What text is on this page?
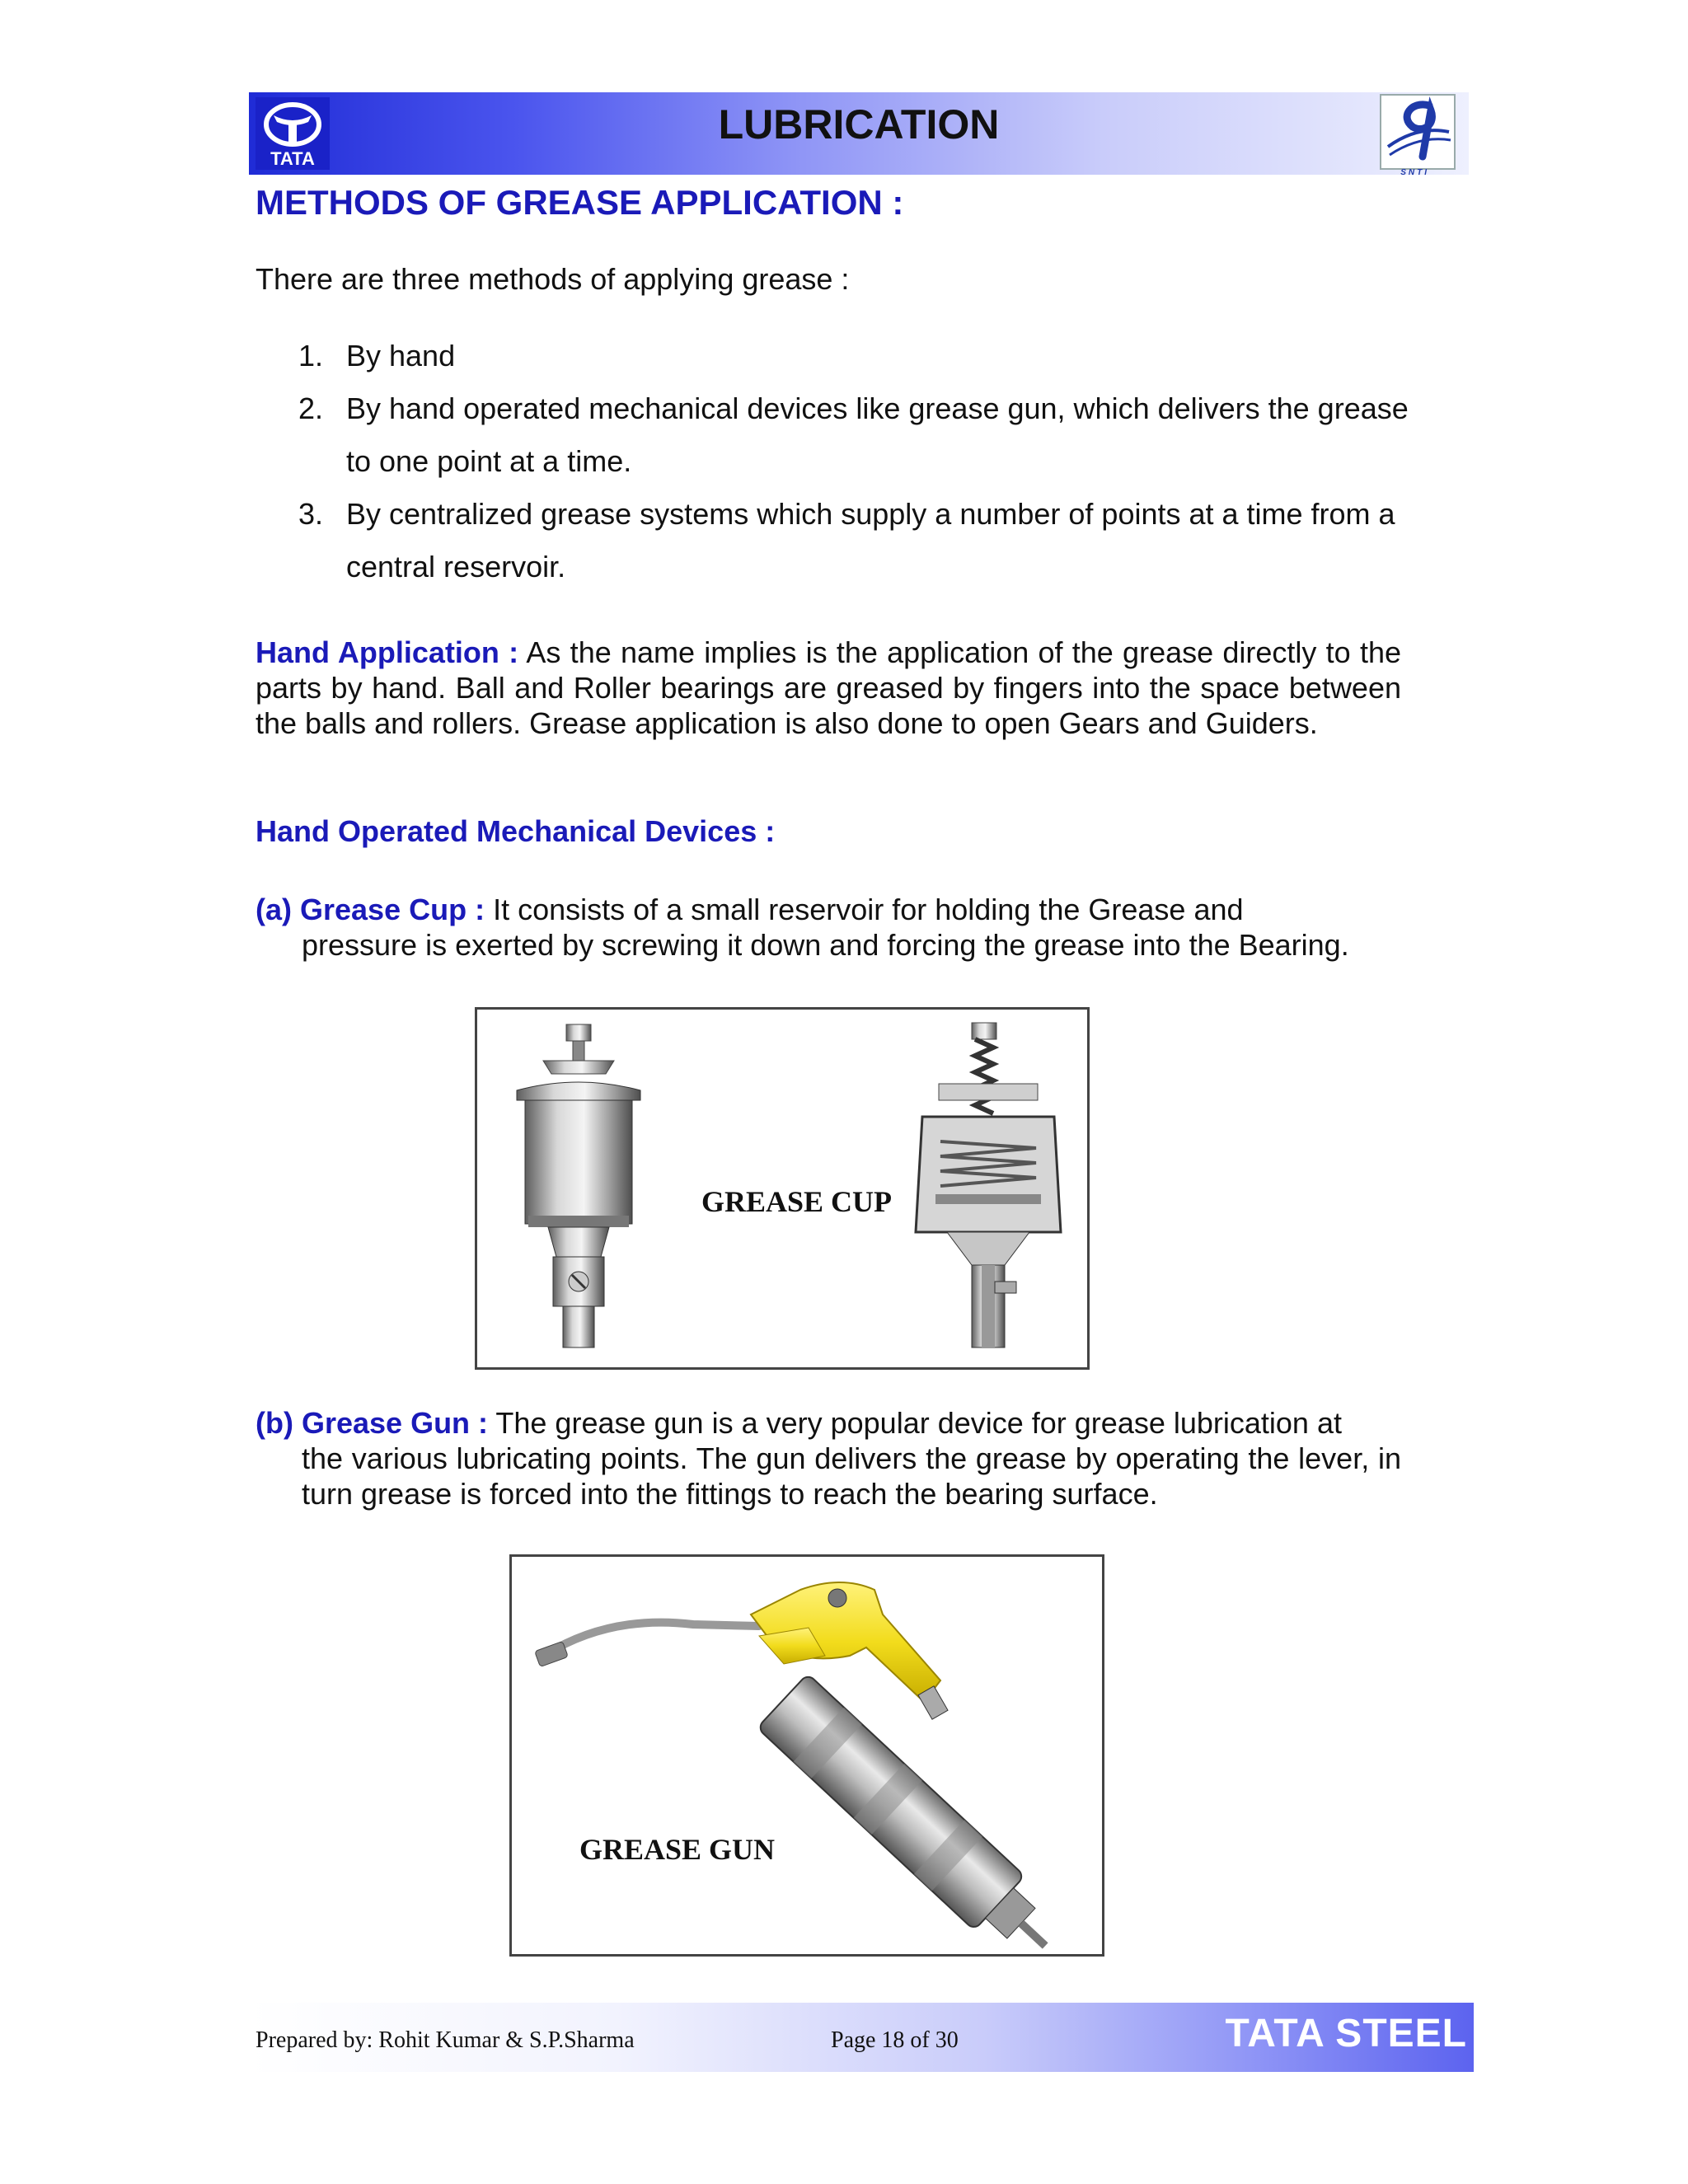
TATA
LUBRICATION
SNTI
METHODS OF GREASE APPLICATION :

There are three methods of applying grease :

1. By hand
2. By hand operated mechanical devices like grease gun, which delivers the grease to one point at a time.
3. By centralized grease systems which supply a number of points at a time from a central reservoir.

Hand Application : As the name implies is the application of the grease directly to the parts by hand. Ball and Roller bearings are greased by fingers into the space between the balls and rollers. Grease application is also done to open Gears and Guiders.

Hand Operated Mechanical Devices :

(a) Grease Cup : It consists of a small reservoir for holding the Grease and
pressure is exerted by screwing it down and forcing the grease into the Bearing.

GREASE CUP

(b) Grease Gun : The grease gun is a very popular device for grease lubrication at
the various lubricating points. The gun delivers the grease by operating the lever, in turn grease is forced into the fittings to reach the bearing surface.

GREASE GUN
Prepared by: Rohit Kumar & S.P.Sharma	Page 18 of 30	TATA STEEL
